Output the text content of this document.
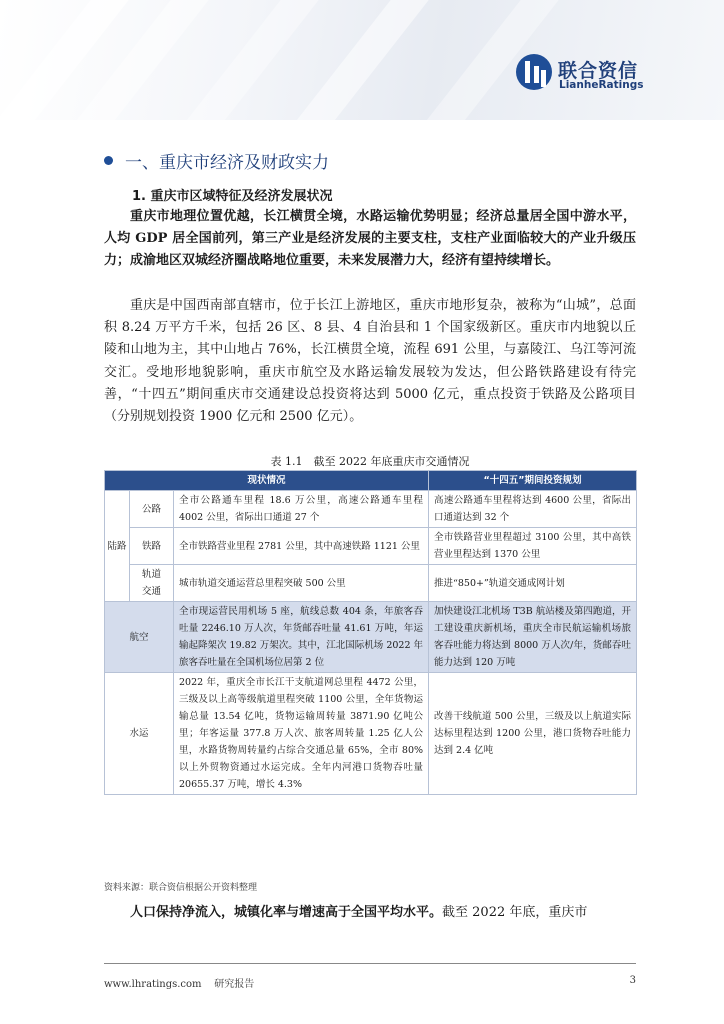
联合资信
LianheRatings
一、重庆市经济及财政实力
1. 重庆市区域特征及经济发展状况

重庆市地理位置优越，长江横贯全境，水路运输优势明显；经济总量居全国中游水平，人均 GDP 居全国前列，第三产业是经济发展的主要支柱，支柱产业面临较大的产业升级压力；成渝地区双城经济圈战略地位重要，未来发展潜力大，经济有望持续增长。

重庆是中国西南部直辖市，位于长江上游地区，重庆市地形复杂，被称为“山城”，总面积 8.24 万平方千米，包括 26 区、8 县、4 自治县和 1 个国家级新区。重庆市内地貌以丘陵和山地为主，其中山地占 76%，长江横贯全境，流程 691 公里，与嘉陵江、乌江等河流交汇。受地形地貌影响，重庆市航空及水路运输发展较为发达，但公路铁路建设有待完善，“十四五”期间重庆市交通建设总投资将达到 5000 亿元，重点投资于铁路及公路项目（分别规划投资 1900 亿元和 2500 亿元）。

表 1.1　截至 2022 年底重庆市交通情况
现状情况			“十四五”期间投资规划
陆路	公路	全市公路通车里程 18.6 万公里，高速公路通车里程 4002 公里，省际出口通道 27 个	高速公路通车里程将达到 4600 公里，省际出口通道达到 32 个
	铁路	全市铁路营业里程 2781 公里，其中高速铁路 1121 公里	全市铁路营业里程超过 3100 公里，其中高铁营业里程达到 1370 公里
	轨道交通	城市轨道交通运营总里程突破 500 公里	推进“850+”轨道交通成网计划
航空		全市现运营民用机场 5 座，航线总数 404 条，年旅客吞吐量 2246.10 万人次，年货邮吞吐量 41.61 万吨，年运输起降架次 19.82 万架次。其中，江北国际机场 2022 年旅客吞吐量在全国机场位居第 2 位	加快建设江北机场 T3B 航站楼及第四跑道，开工建设重庆新机场，重庆全市民航运输机场旅客吞吐能力将达到 8000 万人次/年，货邮吞吐能力达到 120 万吨
水运		2022 年，重庆全市长江干支航道网总里程 4472 公里，三级及以上高等级航道里程突破 1100 公里，全年货物运输总量 13.54 亿吨，货物运输周转量 3871.90 亿吨公里；年客运量 377.8 万人次、旅客周转量 1.25 亿人公里，水路货物周转量约占综合交通总量 65%，全市 80%以上外贸物资通过水运完成。全年内河港口货物吞吐量 20655.37 万吨，增长 4.3%	改善干线航道 500 公里，三级及以上航道实际达标里程达到 1200 公里，港口货物吞吐能力达到 2.4 亿吨
资料来源：联合资信根据公开资料整理

人口保持净流入，城镇化率与增速高于全国平均水平。截至 2022 年底，重庆市

www.lhratings.com 研究报告	3
